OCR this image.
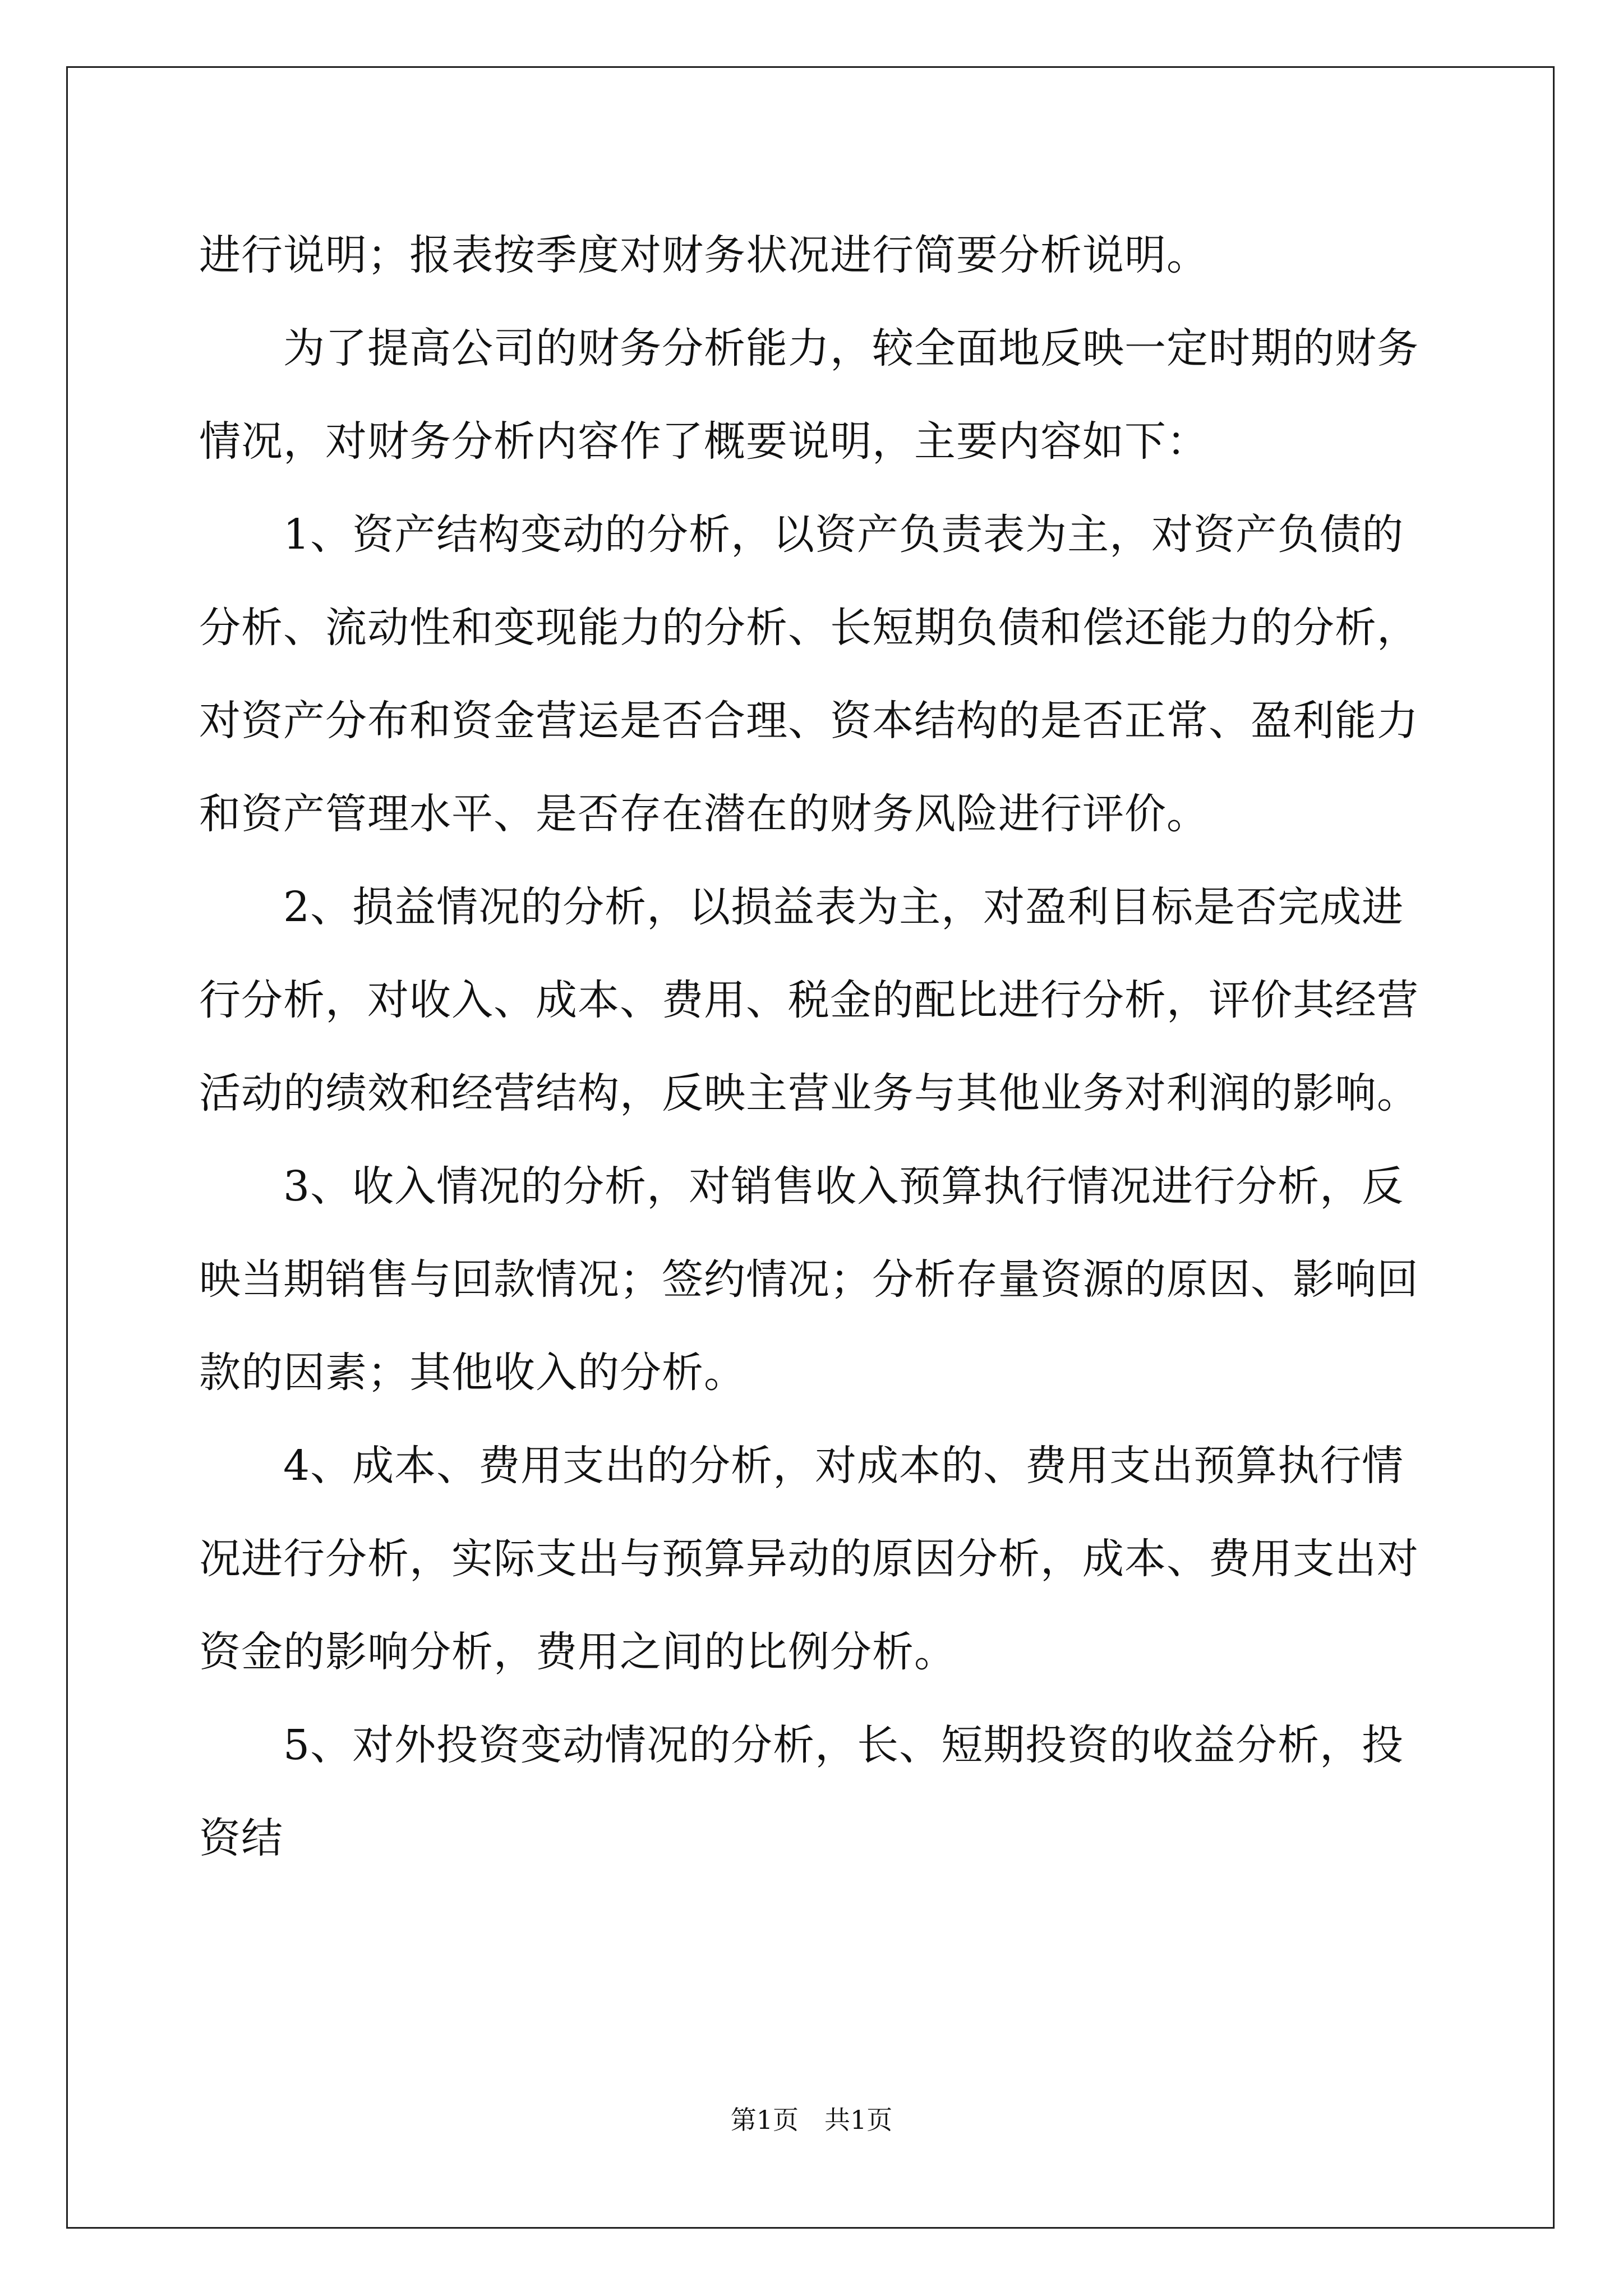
进行说明；报表按季度对财务状况进行简要分析说明。

为了提高公司的财务分析能力，较全面地反映一定时期的财务情况，对财务分析内容作了概要说明，主要内容如下：

1、资产结构变动的分析，以资产负责表为主，对资产负债的分析、流动性和变现能力的分析、长短期负债和偿还能力的分析，对资产分布和资金营运是否合理、资本结构的是否正常、盈利能力和资产管理水平、是否存在潜在的财务风险进行评价。

2、损益情况的分析，以损益表为主，对盈利目标是否完成进行分析，对收入、成本、费用、税金的配比进行分析，评价其经营活动的绩效和经营结构，反映主营业务与其他业务对利润的影响。

3、收入情况的分析，对销售收入预算执行情况进行分析，反映当期销售与回款情况；签约情况；分析存量资源的原因、影响回款的因素；其他收入的分析。

4、成本、费用支出的分析，对成本的、费用支出预算执行情况进行分析，实际支出与预算异动的原因分析，成本、费用支出对资金的影响分析，费用之间的比例分析。

5、对外投资变动情况的分析，长、短期投资的收益分析，投资结

第1页　共1页
